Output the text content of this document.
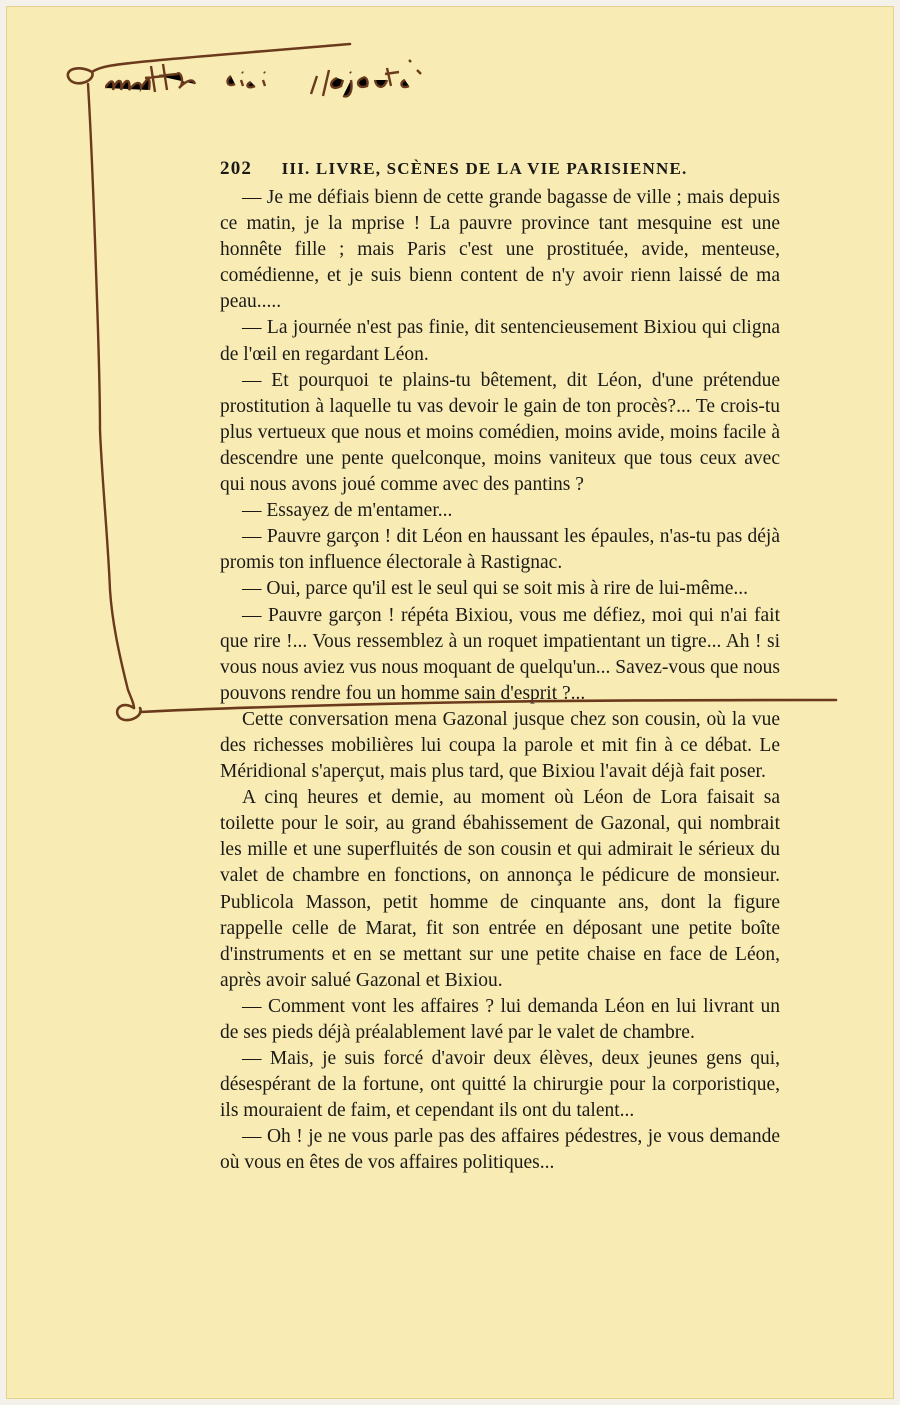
202 III. LIVRE, SCÈNES DE LA VIE PARISIENNE.

— Je me défiais bienn de cette grande bagasse de ville ; mais depuis ce matin, je la mprise ! La pauvre province tant mesquine est une honnête fille ; mais Paris c'est une prostituée, avide, menteuse, comédienne, et je suis bienn content de n'y avoir rienn laissé de ma peau.....

— La journée n'est pas finie, dit sentencieusement Bixiou qui cligna de l'œil en regardant Léon.

— Et pourquoi te plains-tu bêtement, dit Léon, d'une prétendue prostitution à laquelle tu vas devoir le gain de ton procès?... Te crois-tu plus vertueux que nous et moins comédien, moins avide, moins facile à descendre une pente quelconque, moins vaniteux que tous ceux avec qui nous avons joué comme avec des pantins ?

— Essayez de m'entamer...

— Pauvre garçon ! dit Léon en haussant les épaules, n'as-tu pas déjà promis ton influence électorale à Rastignac.

— Oui, parce qu'il est le seul qui se soit mis à rire de lui-même...

— Pauvre garçon ! répéta Bixiou, vous me défiez, moi qui n'ai fait que rire !... Vous ressemblez à un roquet impatientant un tigre... Ah ! si vous nous aviez vus nous moquant de quelqu'un... Savez-vous que nous pouvons rendre fou un homme sain d'esprit ?...

Cette conversation mena Gazonal jusque chez son cousin, où la vue des richesses mobilières lui coupa la parole et mit fin à ce débat. Le Méridional s'aperçut, mais plus tard, que Bixiou l'avait déjà fait poser.

A cinq heures et demie, au moment où Léon de Lora faisait sa toilette pour le soir, au grand ébahissement de Gazonal, qui nombrait les mille et une superfluités de son cousin et qui admirait le sérieux du valet de chambre en fonctions, on annonça le pédicure de monsieur. Publicola Masson, petit homme de cinquante ans, dont la figure rappelle celle de Marat, fit son entrée en déposant une petite boîte d'instruments et en se mettant sur une petite chaise en face de Léon, après avoir salué Gazonal et Bixiou.

— Comment vont les affaires ? lui demanda Léon en lui livrant un de ses pieds déjà préalablement lavé par le valet de chambre.

— Mais, je suis forcé d'avoir deux élèves, deux jeunes gens qui, désespérant de la fortune, ont quitté la chirurgie pour la corporistique, ils mouraient de faim, et cependant ils ont du talent...

— Oh ! je ne vous parle pas des affaires pédestres, je vous demande où vous en êtes de vos affaires politiques...
